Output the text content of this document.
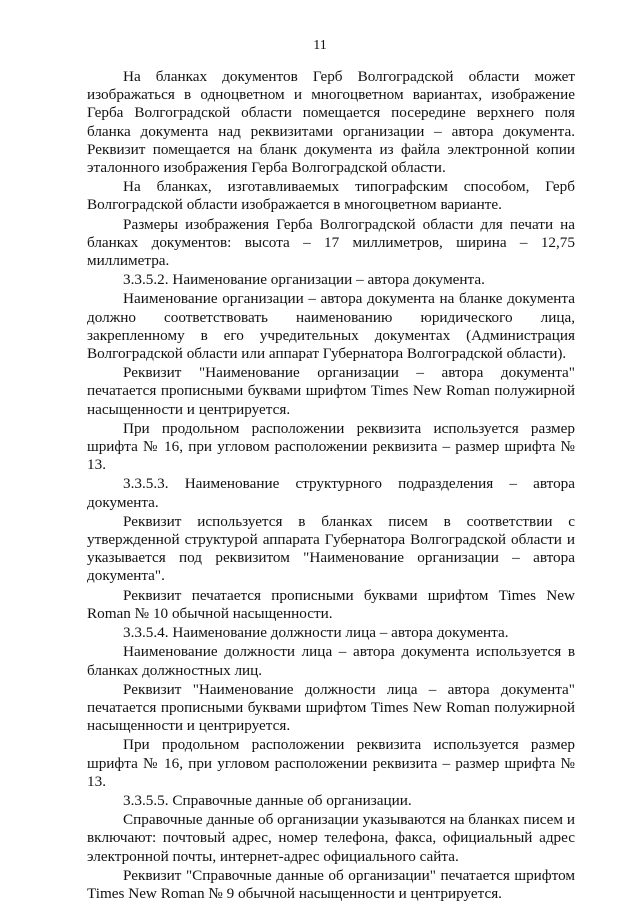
11

На бланках документов Герб Волгоградской области может изображаться в одноцветном и многоцветном вариантах, изображение Герба Волгоградской области помещается посередине верхнего поля бланка документа над реквизитами организации – автора документа. Реквизит помещается на бланк документа из файла электронной копии эталонного изображения Герба Волгоградской области.

На бланках, изготавливаемых типографским способом, Герб Волгоградской области изображается в многоцветном варианте.

Размеры изображения Герба Волгоградской области для печати на бланках документов: высота – 17 миллиметров, ширина – 12,75 миллиметра.

3.3.5.2. Наименование организации – автора документа.

Наименование организации – автора документа на бланке документа должно соответствовать наименованию юридического лица, закрепленному в его учредительных документах (Администрация Волгоградской области или аппарат Губернатора Волгоградской области).

Реквизит "Наименование организации – автора документа" печатается прописными буквами шрифтом Times New Roman полужирной насыщенности и центрируется.

При продольном расположении реквизита используется размер шрифта № 16, при угловом расположении реквизита – размер шрифта № 13.

3.3.5.3. Наименование структурного подразделения – автора документа.

Реквизит используется в бланках писем в соответствии с утвержденной структурой аппарата Губернатора Волгоградской области и указывается под реквизитом "Наименование организации – автора документа".

Реквизит печатается прописными буквами шрифтом Times New Roman № 10 обычной насыщенности.

3.3.5.4. Наименование должности лица – автора документа.

Наименование должности лица – автора документа используется в бланках должностных лиц.

Реквизит "Наименование должности лица – автора документа" печатается прописными буквами шрифтом Times New Roman полужирной насыщенности и центрируется.

При продольном расположении реквизита используется размер шрифта № 16, при угловом расположении реквизита – размер шрифта № 13.

3.3.5.5. Справочные данные об организации.

Справочные данные об организации указываются на бланках писем и включают: почтовый адрес, номер телефона, факса, официальный адрес электронной почты, интернет-адрес официального сайта.

Реквизит "Справочные данные об организации" печатается шрифтом Times New Roman № 9 обычной насыщенности и центрируется.
